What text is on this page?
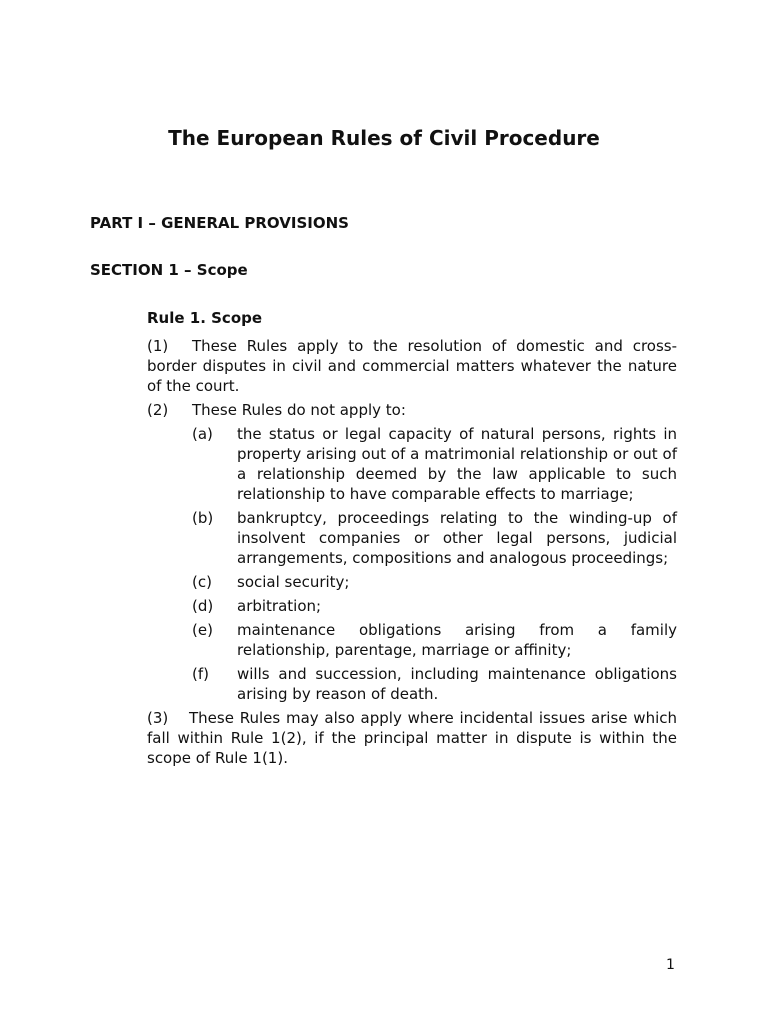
The European Rules of Civil Procedure
PART I – GENERAL PROVISIONS
SECTION 1 – Scope
Rule 1. Scope

(1) These Rules apply to the resolution of domestic and cross-border disputes in civil and commercial matters whatever the nature of the court.

(2) These Rules do not apply to:

(a)	the status or legal capacity of natural persons, rights in property arising out of a matrimonial relationship or out of a relationship deemed by the law applicable to such relationship to have comparable effects to marriage;
(b)	bankruptcy, proceedings relating to the winding-up of insolvent companies or other legal persons, judicial arrangements, compositions and analogous proceedings;
(c)	social security;
(d)	arbitration;
(e)	maintenance obligations arising from a family relationship, parentage, marriage or affinity;
(f)	wills and succession, including maintenance obligations arising by reason of death.

(3) These Rules may also apply where incidental issues arise which fall within Rule 1(2), if the principal matter in dispute is within the scope of Rule 1(1).

1
